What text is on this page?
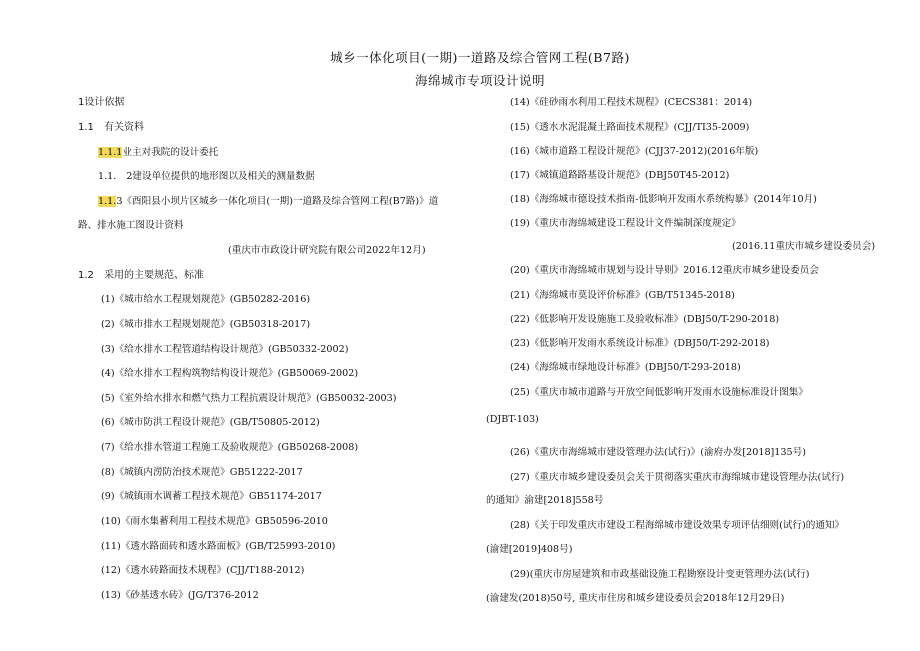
城乡一体化项目(一期)一道路及综合管网工程(B7路)
海绵城市专项设计说明
1设计依据
1.1 有关资料
1.1.1业主对我院的设计委托
1.1. 2建设单位提供的地形图以及相关的测量数据
1.1.3《酉阳县小坝片区城乡一体化项目(一期)一道路及综合管网工程(B7路)》道
路、排水施工图设计资料
(重庆市市政设计研究院有限公司2022年12月)
1.2 采用的主要规范、标准
(1)《城市给水工程规划规范》(GB50282-2016)
(2)《城市排水工程规划规范》(GB50318-2017)
(3)《给水排水工程管道结构设计规范》(GB50332-2002)
(4)《给水排水工程构筑物结构设计规范》(GB50069-2002)
(5)《室外给水排水和燃气热力工程抗震设计规范》(GB50032-2003)
(6)《城市防洪工程设计规范》(GB/T50805-2012)
(7)《给水排水管道工程施工及验收规范》(GB50268-2008)
(8)《城镇内涝防治技术规范》GB51222-2017
(9)《城镇雨水调蓄工程技术规范》GB51174-2017
(10)《雨水集蓄利用工程技术规范》GB50596-2010
(11)《透水路面砖和透水路面板》(GB/T25993-2010)
(12)《透水砖路面技术规程》(CJJ/T188-2012)
(13)《砂基透水砖》(JG/T376-2012
(14)《硅砂雨水利用工程技术规程》(CECS381：2014)
(15)《透水水泥混凝土路面技术规程》(CJJ/TI35-2009)
(16)《城市道路工程设计规范》(CJJ37-2012)(2016年版)
(17)《城镇道路路基设计规范》(DBJ50T45-2012)
(18)《海绵城市德设技术指南-低影响开发雨水系统构暴》(2014年10月)
(19)《重庆市海绵城建设工程设计文件编制深度规定》
(2016.11重庆市城乡建设委员会)
(20)《重庆市海绵城市规划与设计导则》2016.12重庆市城乡建设委员会
(21)《海绵城市莫设评价标准》(GB/T51345-2018)
(22)《低影响开发设施施工及验收标准》(DBJ50/T-290-2018)
(23)《低影响开发雨水系统设计标准》(DBJ50/T-292-2018)
(24)《海绵城市绿地设计标准》(DBJ50/T-293-2018)
(25)《重庆市城市道路与开放空间低影响开发雨水设施标准设计图集》
(DJBT-103)
(26)《重庆市海绵城市建设管理办法(试行)》(渝府办发[2018]135号)
(27)《重庆市城乡建设委员会关于贯彻落实重庆市海绵城市建设管理办法(试行)
的通知》渝建[2018]558号
(28)《关于印发重庆市建设工程海绵城市建设效果专项评估细则(试行)的通知》
(渝建[2019]408号)
(29)(重庆市房屋建筑和市政基础设施工程勘察设计变更管理办法(试行)
(渝建发(2018)50号, 重庆市住房和城乡建设委员会2018年12月29日)
